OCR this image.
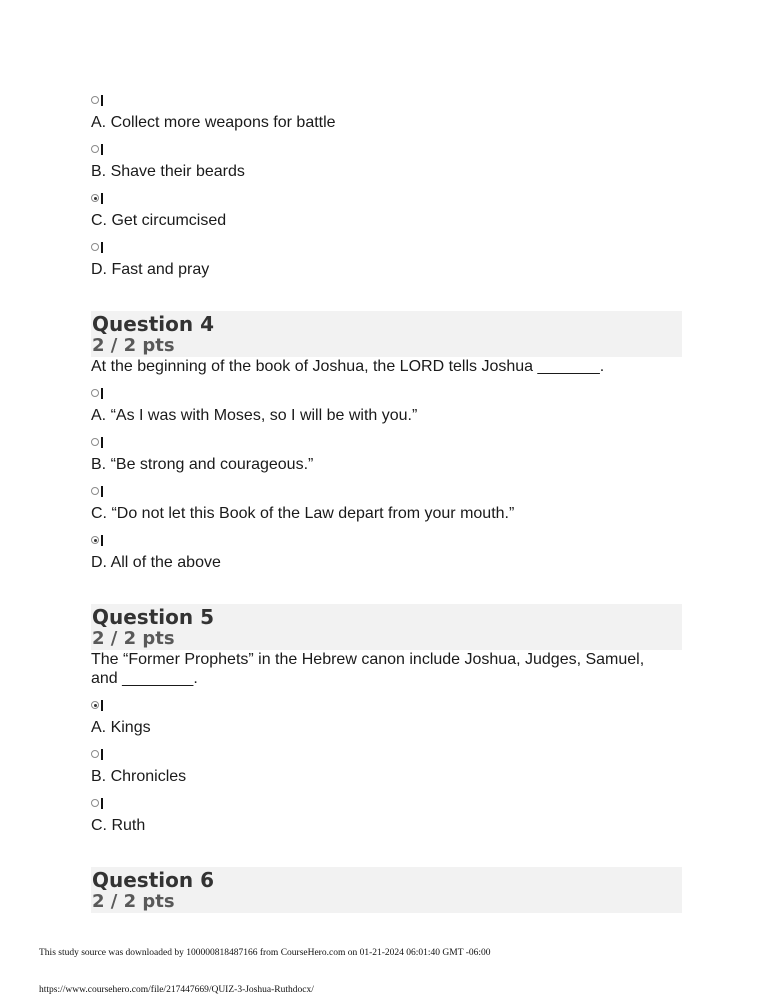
A. Collect more weapons for battle
B. Shave their beards
C. Get circumcised
D. Fast and pray
Question 4
2 / 2 pts
At the beginning of the book of Joshua, the LORD tells Joshua _______.
A. “As I was with Moses, so I will be with you.”
B. “Be strong and courageous.”
C. “Do not let this Book of the Law depart from your mouth.”
D. All of the above
Question 5
2 / 2 pts
The “Former Prophets” in the Hebrew canon include Joshua, Judges, Samuel,
and ________.
A. Kings
B. Chronicles
C. Ruth
Question 6
2 / 2 pts
This study source was downloaded by 100000818487166 from CourseHero.com on 01-21-2024 06:01:40 GMT -06:00
https://www.coursehero.com/file/217447669/QUIZ-3-Joshua-Ruthdocx/
